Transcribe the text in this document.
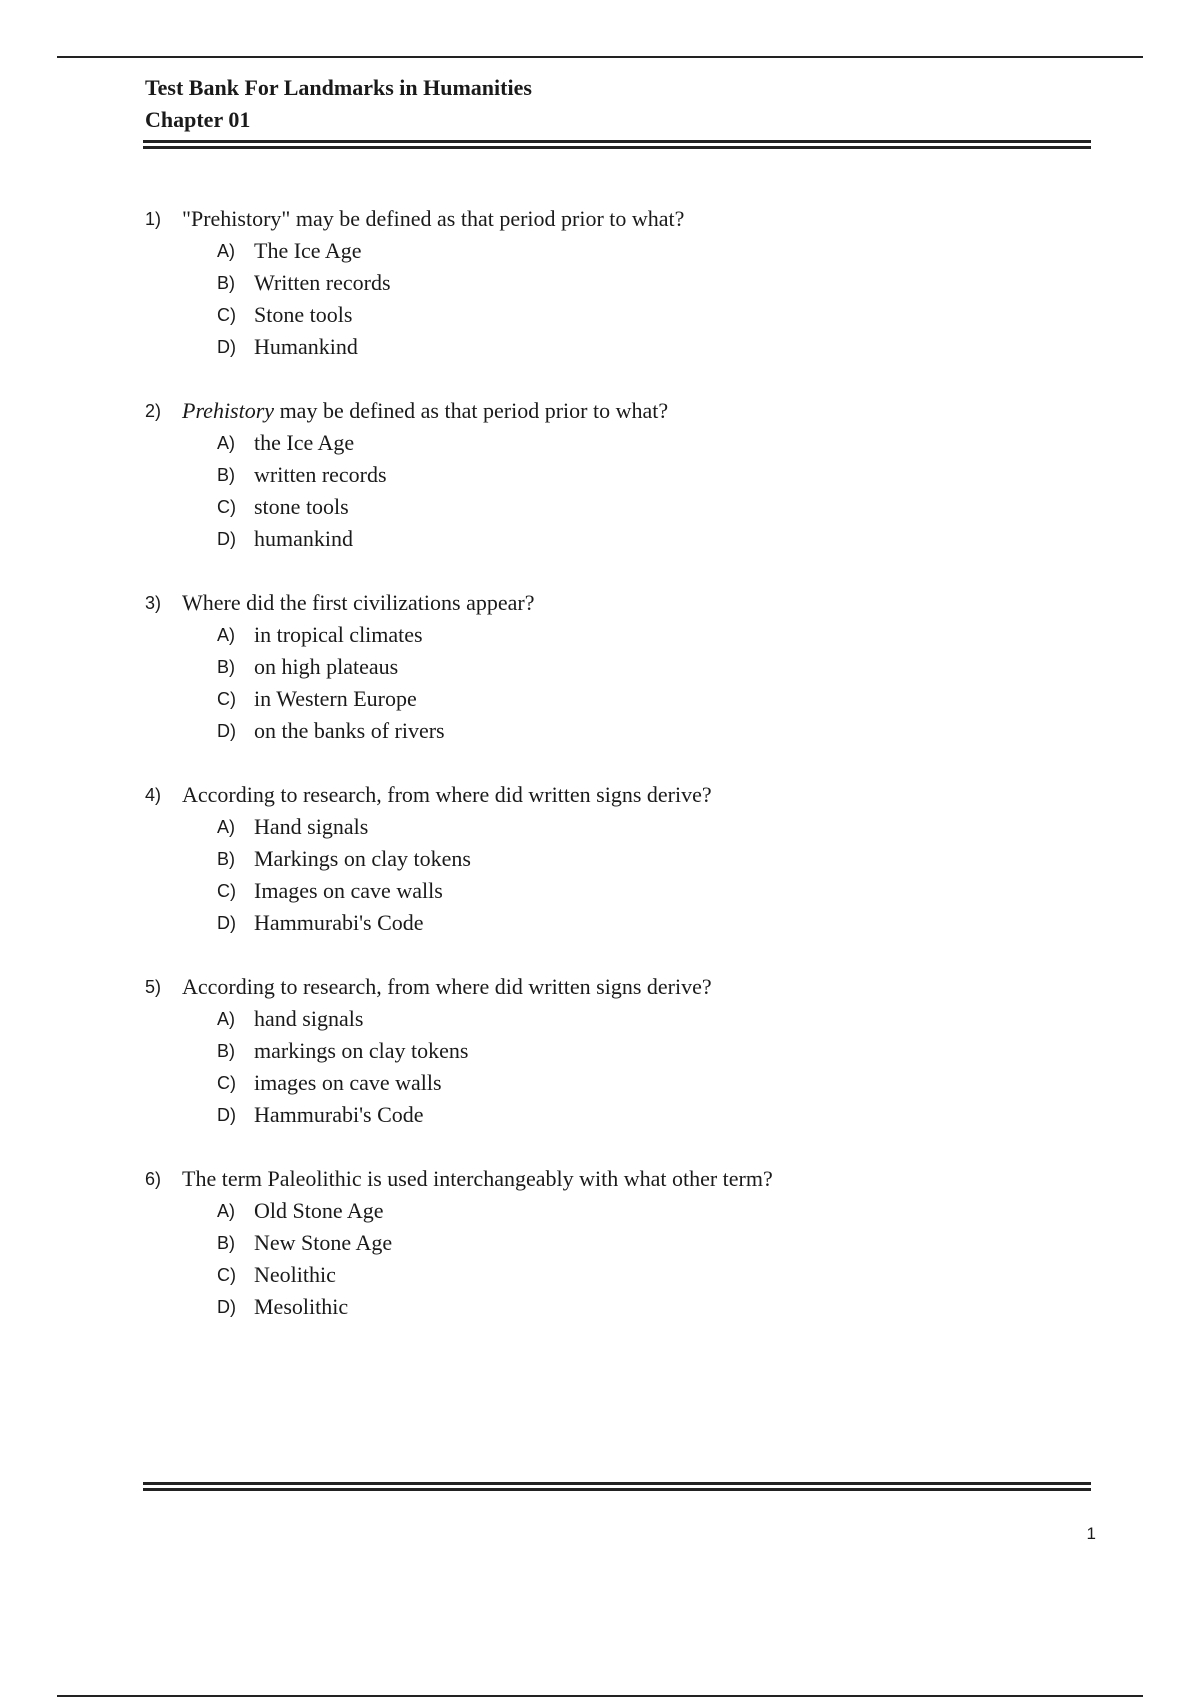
Test Bank For Landmarks in Humanities
Chapter 01
1) "Prehistory" may be defined as that period prior to what?
A) The Ice Age
B) Written records
C) Stone tools
D) Humankind
2) Prehistory may be defined as that period prior to what?
A) the Ice Age
B) written records
C) stone tools
D) humankind
3) Where did the first civilizations appear?
A) in tropical climates
B) on high plateaus
C) in Western Europe
D) on the banks of rivers
4) According to research, from where did written signs derive?
A) Hand signals
B) Markings on clay tokens
C) Images on cave walls
D) Hammurabi's Code
5) According to research, from where did written signs derive?
A) hand signals
B) markings on clay tokens
C) images on cave walls
D) Hammurabi's Code
6) The term Paleolithic is used interchangeably with what other term?
A) Old Stone Age
B) New Stone Age
C) Neolithic
D) Mesolithic
1
